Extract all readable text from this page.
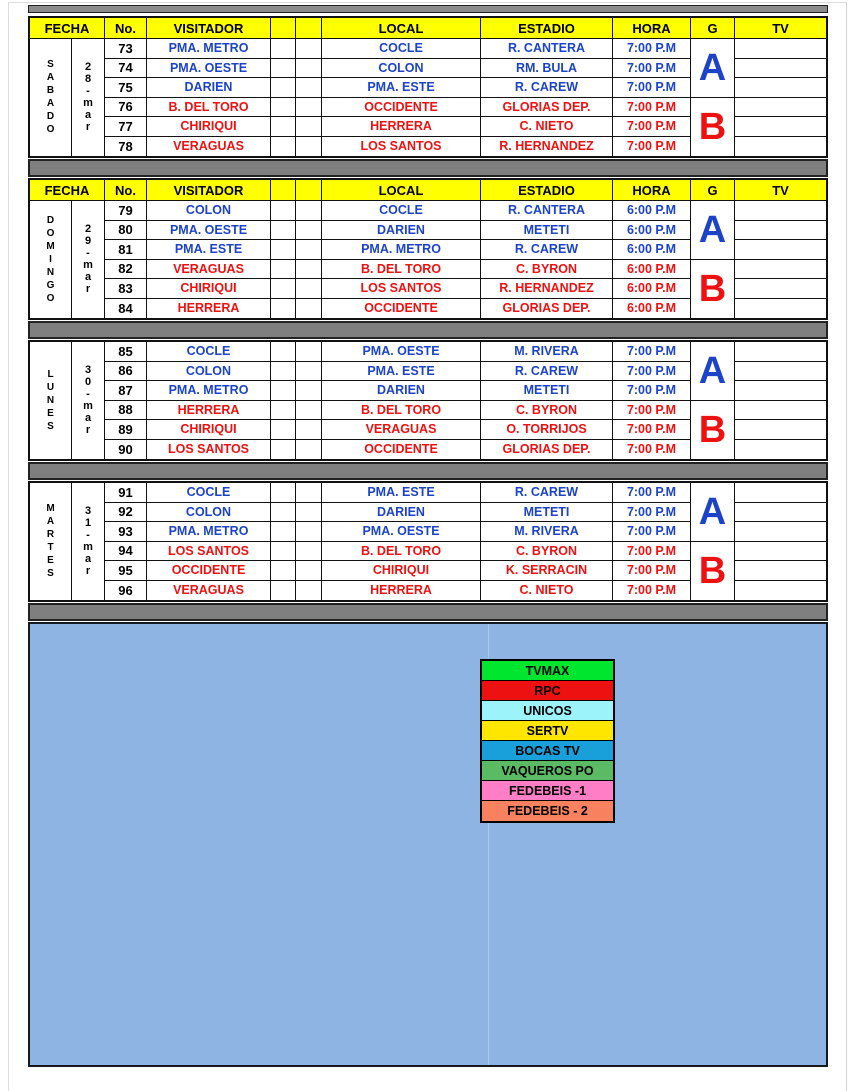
FECHA	No.	VISITADOR	LOCAL	ESTADIO	HORA	G	TV
S
A
B
A
D
O
2
8
-
m
a
r
73	PMA. METRO	COCLE	R. CANTERA	7:00 P.M
74	PMA. OESTE	COLON	RM. BULA	7:00 P.M
75	DARIEN	PMA. ESTE	R. CAREW	7:00 P.M
76	B. DEL TORO	OCCIDENTE	GLORIAS DEP.	7:00 P.M
77	CHIRIQUI	HERRERA	C. NIETO	7:00 P.M
78	VERAGUAS	LOS SANTOS	R. HERNANDEZ	7:00 P.M
A
B
FECHA	No.	VISITADOR	LOCAL	ESTADIO	HORA	G	TV
D
O
M
I
N
G
O
2
9
-
m
a
r
79	COLON	COCLE	R. CANTERA	6:00 P.M
80	PMA. OESTE	DARIEN	METETI	6:00 P.M
81	PMA. ESTE	PMA. METRO	R. CAREW	6:00 P.M
82	VERAGUAS	B. DEL TORO	C. BYRON	6:00 P.M
83	CHIRIQUI	LOS SANTOS	R. HERNANDEZ	6:00 P.M
84	HERRERA	OCCIDENTE	GLORIAS DEP.	6:00 P.M
A
B
L
U
N
E
S
3
0
-
m
a
r
85	COCLE	PMA. OESTE	M. RIVERA	7:00 P.M
86	COLON	PMA. ESTE	R. CAREW	7:00 P.M
87	PMA. METRO	DARIEN	METETI	7:00 P.M
88	HERRERA	B. DEL TORO	C. BYRON	7:00 P.M
89	CHIRIQUI	VERAGUAS	O. TORRIJOS	7:00 P.M
90	LOS SANTOS	OCCIDENTE	GLORIAS DEP.	7:00 P.M
A
B
M
A
R
T
E
S
3
1
-
m
a
r
91	COCLE	PMA. ESTE	R. CAREW	7:00 P.M
92	COLON	DARIEN	METETI	7:00 P.M
93	PMA. METRO	PMA. OESTE	M. RIVERA	7:00 P.M
94	LOS SANTOS	B. DEL TORO	C. BYRON	7:00 P.M
95	OCCIDENTE	CHIRIQUI	K. SERRACIN	7:00 P.M
96	VERAGUAS	HERRERA	C. NIETO	7:00 P.M
A
B
TVMAX
RPC
UNICOS
SERTV
BOCAS TV
VAQUEROS PO
FEDEBEIS -1
FEDEBEIS - 2
